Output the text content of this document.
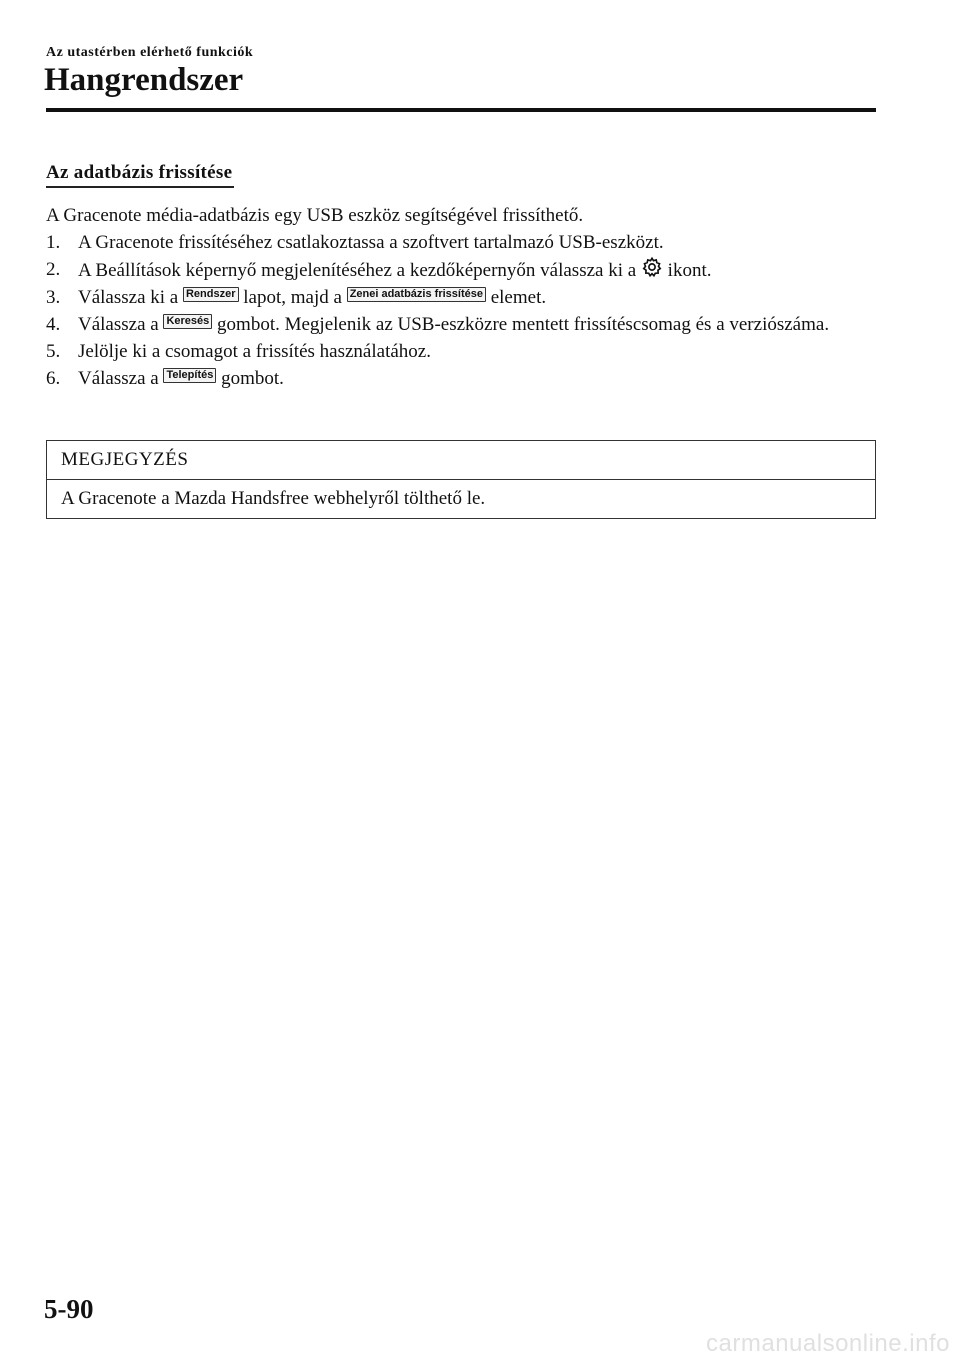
Az utastérben elérhető funkciók
Hangrendszer
Az adatbázis frissítése

A Gracenote média-adatbázis egy USB eszköz segítségével frissíthető.

1. A Gracenote frissítéséhez csatlakoztassa a szoftvert tartalmazó USB-eszközt.
2. A Beállítások képernyő megjelenítéséhez a kezdőképernyőn válassza ki a ikont.
3. Válassza ki a Rendszer lapot, majd a Zenei adatbázis frissítése elemet.
4. Válassza a Keresés gombot. Megjelenik az USB-eszközre mentett frissítéscsomag és a verziószáma.
5. Jelölje ki a csomagot a frissítés használatához.
6. Válassza a Telepítés gombot.
MEGJEGYZÉS
A Gracenote a Mazda Handsfree webhelyről tölthető le.
5-90
carmanualsonline.info
